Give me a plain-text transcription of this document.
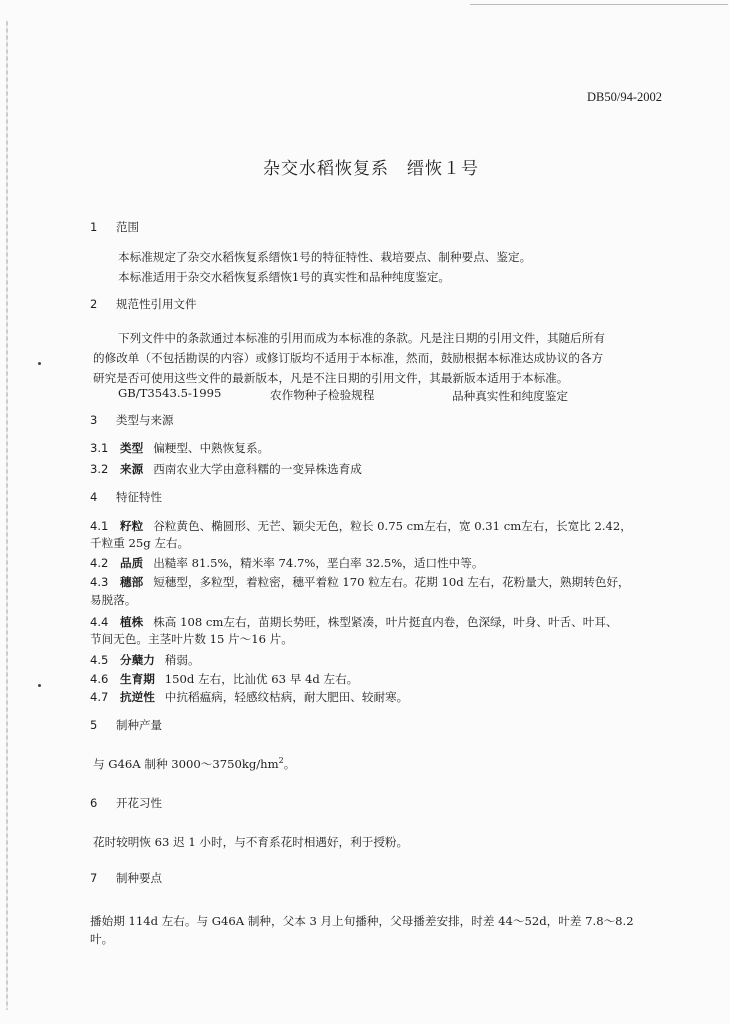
DB50/94-2002
杂交水稻恢复系　缙恢１号
1 范围
本标准规定了杂交水稻恢复系缙恢1号的特征特性、栽培要点、制种要点、鉴定。
本标准适用于杂交水稻恢复系缙恢1号的真实性和品种纯度鉴定。
2 规范性引用文件
下列文件中的条款通过本标准的引用而成为本标准的条款。凡是注日期的引用文件，其随后所有
的修改单（不包括勘误的内容）或修订版均不适用于本标准，然而，鼓励根据本标准达成协议的各方
研究是否可使用这些文件的最新版本，凡是不注日期的引用文件，其最新版本适用于本标准。
GB/T3543.5-1995	农作物种子检验规程	品种真实性和纯度鉴定
3 类型与来源
3.1 类型 偏粳型、中熟恢复系。
3.2 来源 西南农业大学由意科糯的一变异株选育成
4 特征特性
4.1 籽粒 谷粒黄色、椭圆形、无芒、颖尖无色，粒长 0.75 cm左右，宽 0.31 cm左右，长宽比 2.42，
千粒重 25g 左右。
4.2 品质 出糙率 81.5%，精米率 74.7%，垩白率 32.5%，适口性中等。
4.3 穗部 短穗型，多粒型，着粒密，穗平着粒 170 粒左右。花期 10d 左右，花粉量大，熟期转色好，
易脱落。
4.4 植株 株高 108 cm左右，苗期长势旺，株型紧凑，叶片挺直内卷，色深绿，叶身、叶舌、叶耳、
节间无色。主茎叶片数 15 片～16 片。
4.5 分蘖力 稍弱。
4.6 生育期 150d 左右，比汕优 63 早 4d 左右。
4.7 抗逆性 中抗稻瘟病，轻感纹枯病，耐大肥田、较耐寒。
5 制种产量
与 G46A 制种 $3000\sim 3750kg/hm^2$。
6 开花习性
花时较明恢 63 迟 1 小时，与不育系花时相遇好，利于授粉。
7 制种要点
播始期 114d 左右。与 G46A 制种，父本 3 月上旬播种，父母播差安排，时差 44～52d，叶差 7.8～8.2
叶。
